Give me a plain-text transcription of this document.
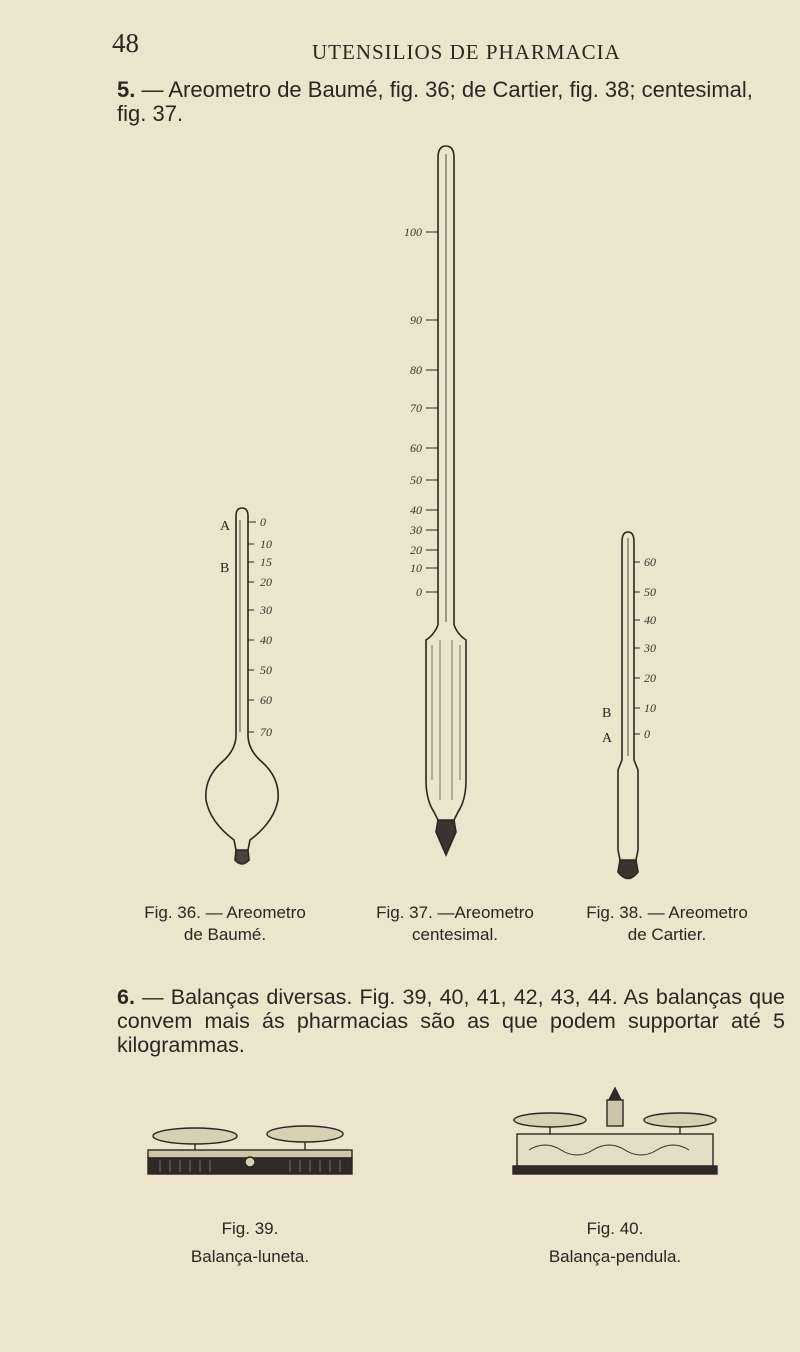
48	UTENSILIOS DE PHARMACIA
5. — Areometro de Baumé, fig. 36; de Cartier, fig. 38; centesimal, fig. 37.
A
B
0
10
15
20
30
40
50
60
70
100
90
80
70
60
50
40
30
20
10
0
B
A
60
50
40
30
20
10
0
Fig. 36. — Areometro
de Baumé.
Fig. 37. —Areometro
centesimal.
Fig. 38. — Areometro
de Cartier.
6. — Balanças diversas. Fig. 39, 40, 41, 42, 43, 44. As balanças que convem mais ás pharmacias são as que podem supportar até 5 kilogrammas.
Fig. 39.
Balança-luneta.
Fig. 40.
Balança-pendula.
